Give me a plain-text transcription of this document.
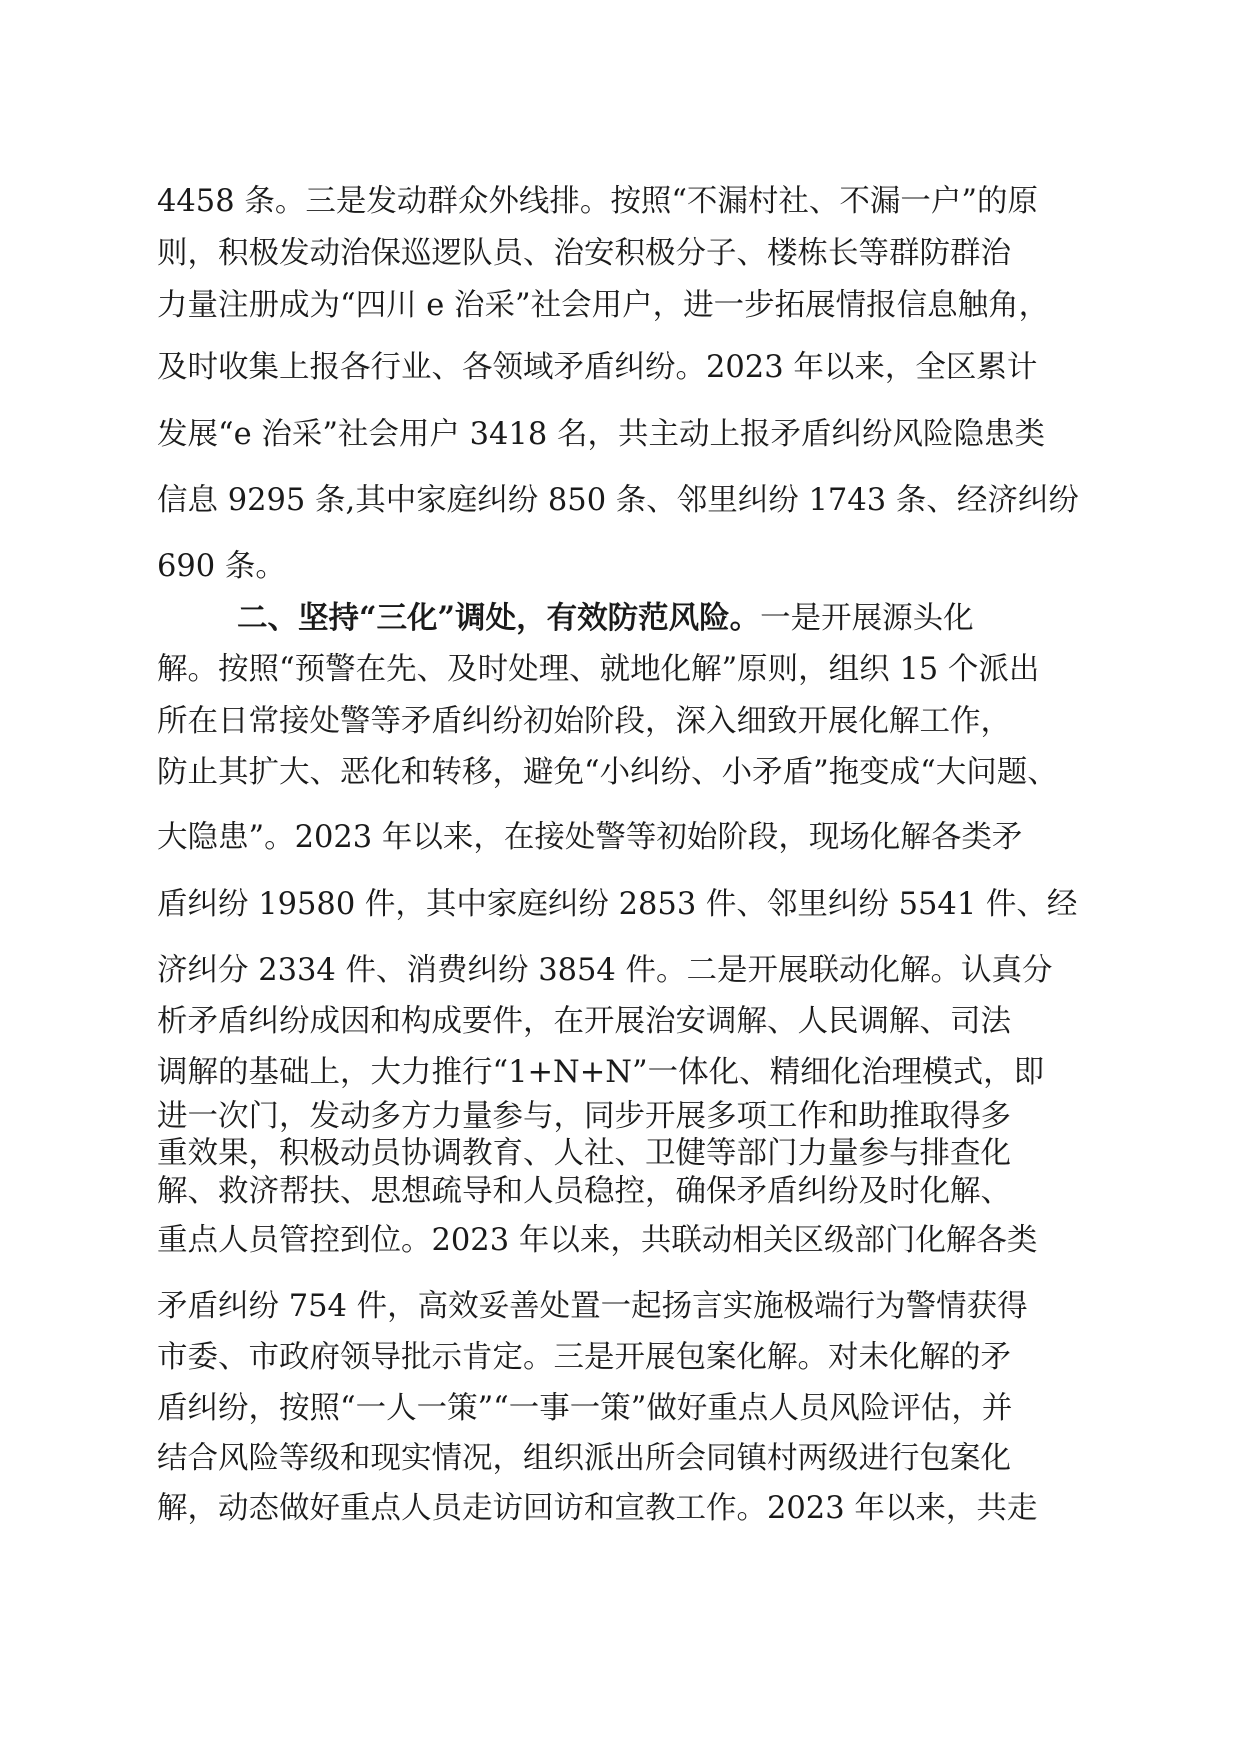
4458 条。三是发动群众外线排。按照“不漏村社、不漏一户”的原
则，积极发动治保巡逻队员、治安积极分子、楼栋长等群防群治
力量注册成为“四川 e 治采”社会用户，进一步拓展情报信息触角，
及时收集上报各行业、各领域矛盾纠纷。2023 年以来，全区累计
发展“e 治采”社会用户 3418 名，共主动上报矛盾纠纷风险隐患类
信息 9295 条,其中家庭纠纷 850 条、邻里纠纷 1743 条、经济纠纷
690 条。
二、坚持“三化”调处，有效防范风险。一是开展源头化
解。按照“预警在先、及时处理、就地化解”原则，组织 15 个派出
所在日常接处警等矛盾纠纷初始阶段，深入细致开展化解工作，
防止其扩大、恶化和转移，避免“小纠纷、小矛盾”拖变成“大问题、
大隐患”。2023 年以来，在接处警等初始阶段，现场化解各类矛
盾纠纷 19580 件，其中家庭纠纷 2853 件、邻里纠纷 5541 件、经
济纠分 2334 件、消费纠纷 3854 件。二是开展联动化解。认真分
析矛盾纠纷成因和构成要件，在开展治安调解、人民调解、司法
调解的基础上，大力推行“1+N+N”一体化、精细化治理模式，即
进一次门，发动多方力量参与，同步开展多项工作和助推取得多
重效果，积极动员协调教育、人社、卫健等部门力量参与排查化
解、救济帮扶、思想疏导和人员稳控，确保矛盾纠纷及时化解、
重点人员管控到位。2023 年以来，共联动相关区级部门化解各类
矛盾纠纷 754 件，高效妥善处置一起扬言实施极端行为警情获得
市委、市政府领导批示肯定。三是开展包案化解。对未化解的矛
盾纠纷，按照“一人一策”“一事一策”做好重点人员风险评估，并
结合风险等级和现实情况，组织派出所会同镇村两级进行包案化
解，动态做好重点人员走访回访和宣教工作。2023 年以来，共走
